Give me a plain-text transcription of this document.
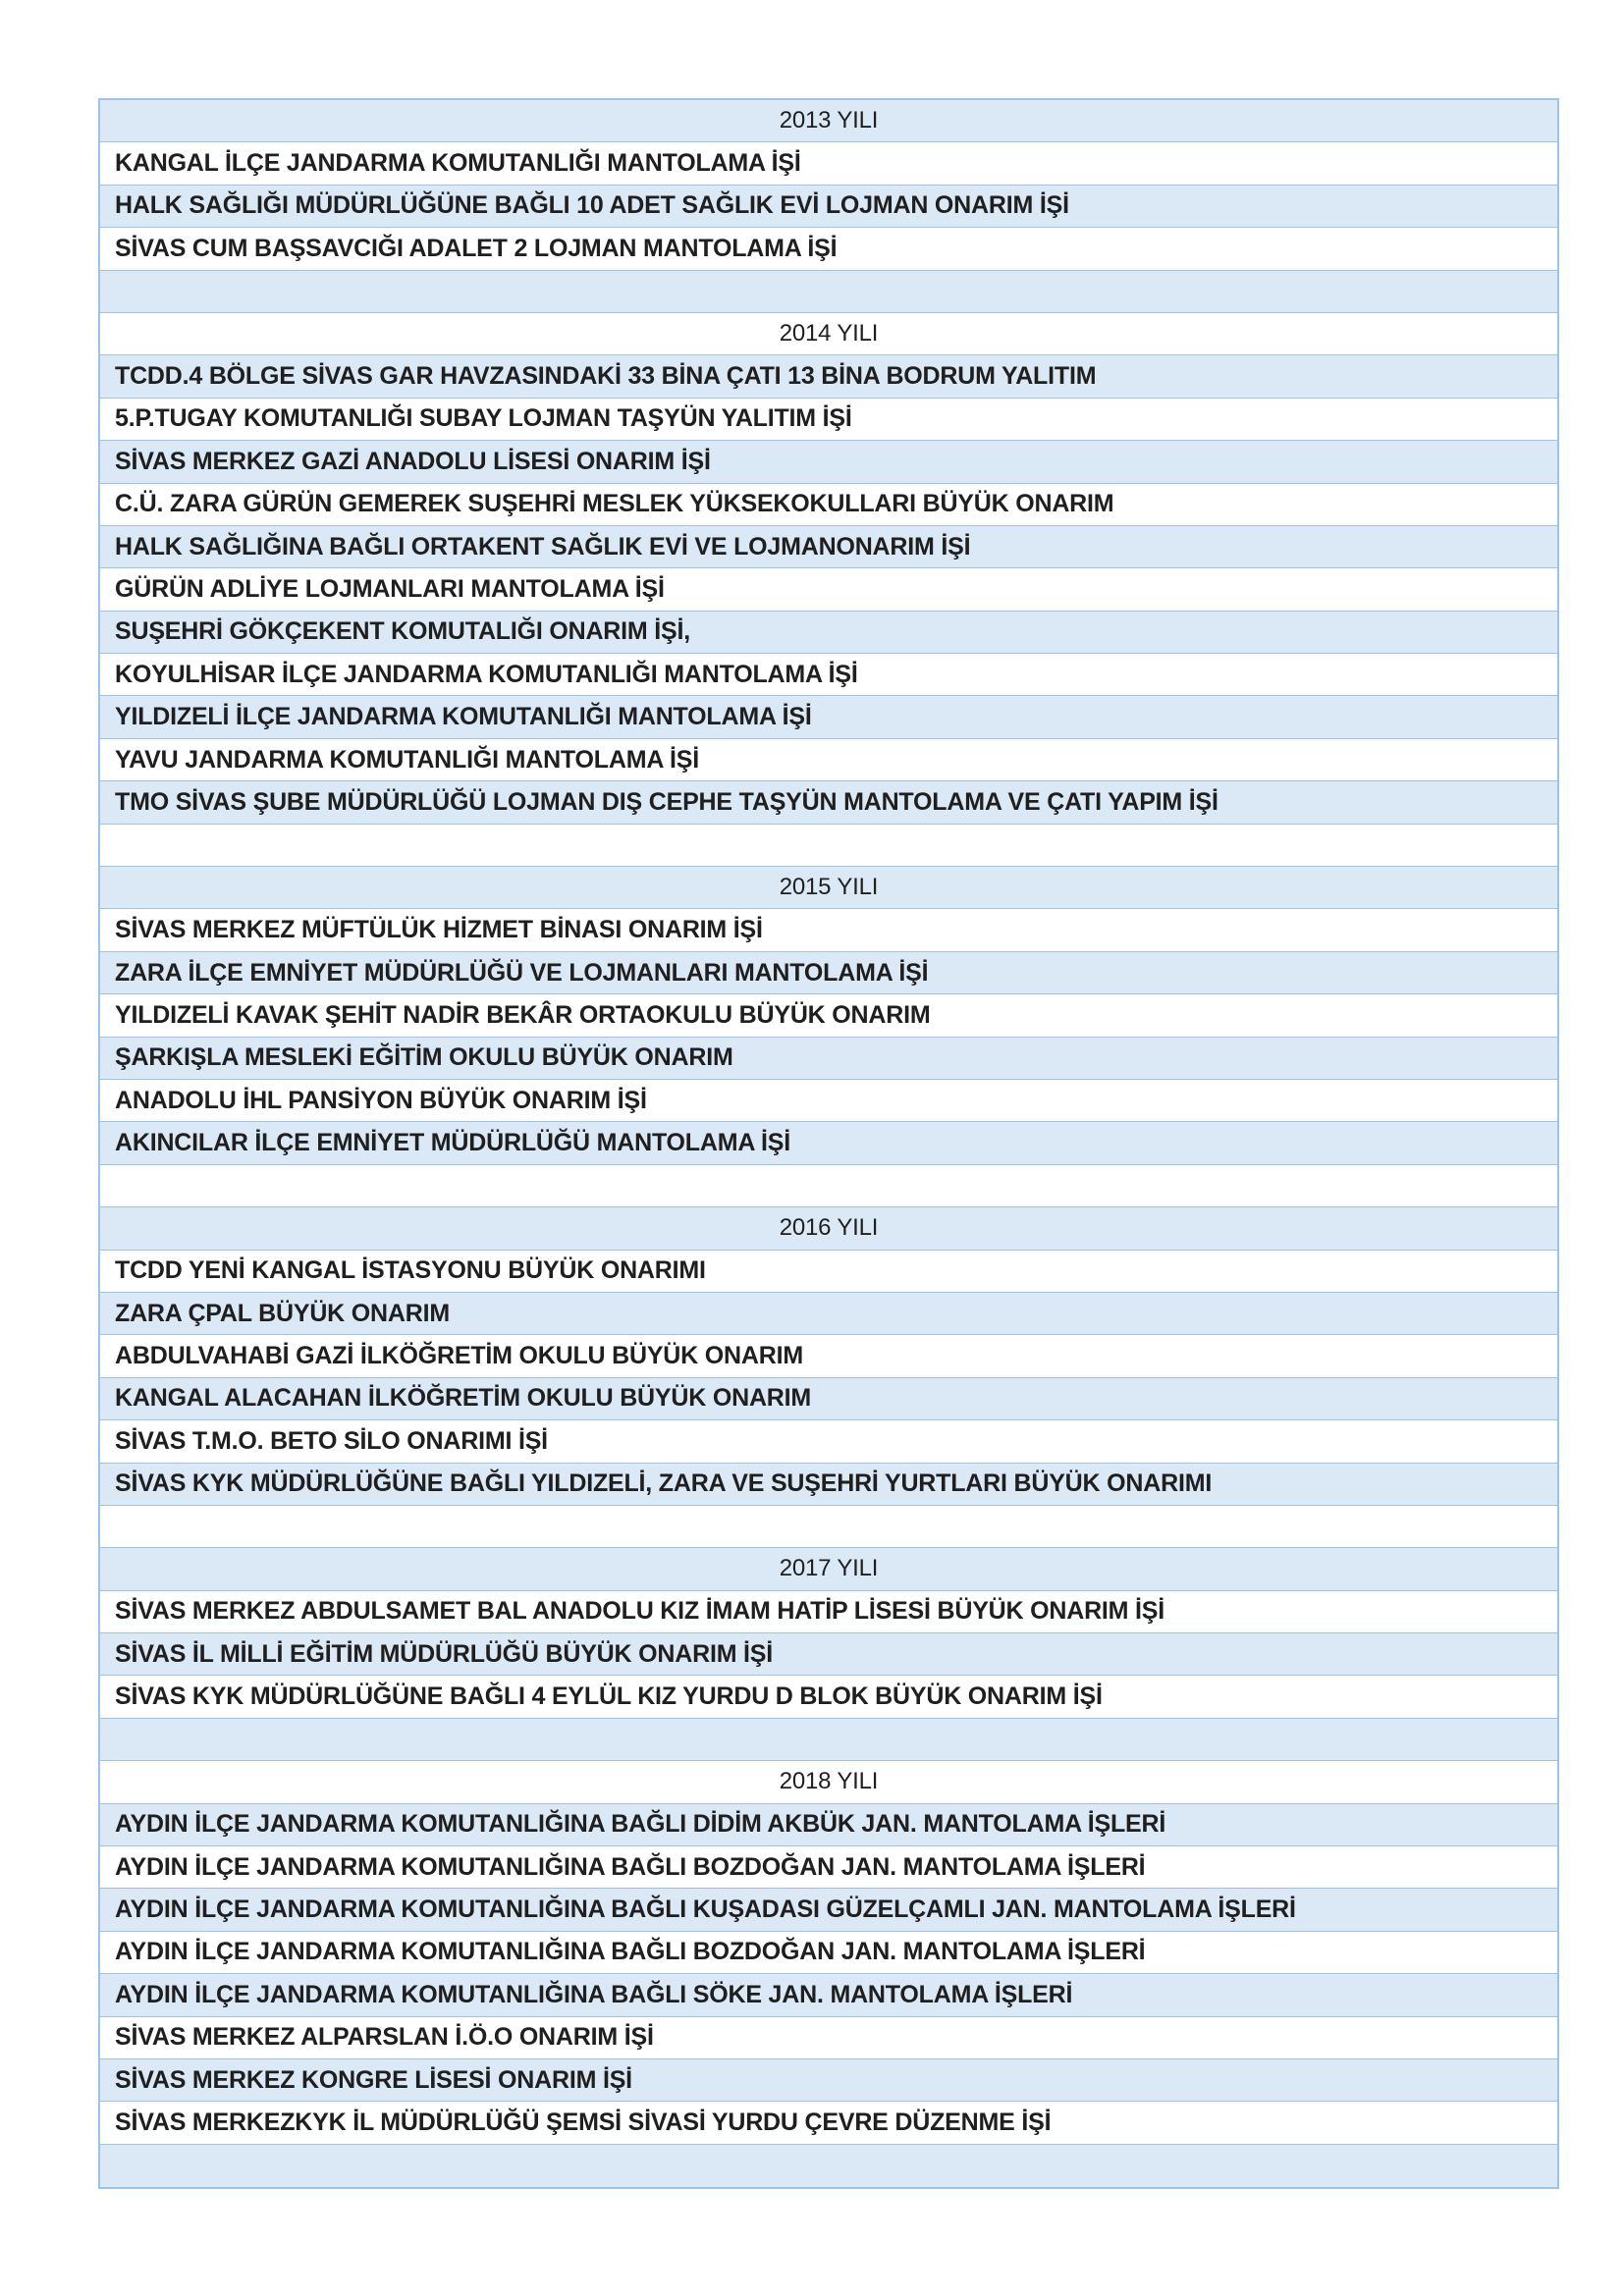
2013 YILI
KANGAL İLÇE JANDARMA KOMUTANLIĞI MANTOLAMA İŞİ
HALK SAĞLIĞI MÜDÜRLÜĞÜNE BAĞLI 10 ADET SAĞLIK EVİ LOJMAN ONARIM İŞİ
SİVAS CUM BAŞSAVCIĞI ADALET 2 LOJMAN MANTOLAMA İŞİ
2014 YILI
TCDD.4 BÖLGE SİVAS GAR HAVZASINDAKİ 33 BİNA ÇATI 13 BİNA BODRUM YALITIM
5.P.TUGAY KOMUTANLIĞI SUBAY LOJMAN TAŞYÜN YALITIM İŞİ
SİVAS MERKEZ GAZİ ANADOLU LİSESİ ONARIM İŞİ
C.Ü. ZARA GÜRÜN GEMEREK SUŞEHRİ MESLEK YÜKSEKOKULLARI BÜYÜK ONARIM
HALK SAĞLIĞINA BAĞLI ORTAKENT SAĞLIK EVİ VE LOJMANONARIM İŞİ
GÜRÜN ADLİYE LOJMANLARI MANTOLAMA İŞİ
SUŞEHRİ GÖKÇEKENT KOMUTALIĞI ONARIM İŞİ,
KOYULHİSAR İLÇE JANDARMA KOMUTANLIĞI MANTOLAMA İŞİ
YILDIZELİ İLÇE JANDARMA KOMUTANLIĞI MANTOLAMA İŞİ
YAVU JANDARMA KOMUTANLIĞI MANTOLAMA İŞİ
TMO SİVAS ŞUBE MÜDÜRLÜĞÜ LOJMAN DIŞ CEPHE TAŞYÜN MANTOLAMA VE ÇATI YAPIM İŞİ
2015 YILI
SİVAS MERKEZ MÜFTÜLÜK HİZMET BİNASI ONARIM İŞİ
ZARA İLÇE EMNİYET MÜDÜRLÜĞÜ VE LOJMANLARI MANTOLAMA İŞİ
YILDIZELİ KAVAK ŞEHİT NADİR BEKÂR ORTAOKULU BÜYÜK ONARIM
ŞARKIŞLA MESLEKİ EĞİTİM OKULU BÜYÜK ONARIM
ANADOLU İHL PANSİYON BÜYÜK ONARIM İŞİ
AKINCILAR İLÇE EMNİYET MÜDÜRLÜĞÜ MANTOLAMA İŞİ
2016 YILI
TCDD YENİ KANGAL İSTASYONU BÜYÜK ONARIMI
ZARA ÇPAL BÜYÜK ONARIM
ABDULVAHABİ GAZİ İLKÖĞRETİM OKULU BÜYÜK ONARIM
KANGAL ALACAHAN İLKÖĞRETİM OKULU BÜYÜK ONARIM
SİVAS T.M.O. BETO SİLO ONARIMI İŞİ
SİVAS KYK MÜDÜRLÜĞÜNE BAĞLI YILDIZELİ, ZARA VE SUŞEHRİ YURTLARI BÜYÜK ONARIMI
2017 YILI
SİVAS MERKEZ ABDULSAMET BAL ANADOLU KIZ İMAM HATİP LİSESİ BÜYÜK ONARIM İŞİ
SİVAS İL MİLLİ EĞİTİM MÜDÜRLÜĞÜ BÜYÜK ONARIM İŞİ
SİVAS KYK MÜDÜRLÜĞÜNE BAĞLI 4 EYLÜL KIZ YURDU D BLOK BÜYÜK ONARIM İŞİ
2018 YILI
AYDIN İLÇE JANDARMA KOMUTANLIĞINA BAĞLI DİDİM AKBÜK JAN. MANTOLAMA İŞLERİ
AYDIN İLÇE JANDARMA KOMUTANLIĞINA BAĞLI BOZDOĞAN JAN. MANTOLAMA İŞLERİ
AYDIN İLÇE JANDARMA KOMUTANLIĞINA BAĞLI KUŞADASI GÜZELÇAMLI JAN. MANTOLAMA İŞLERİ
AYDIN İLÇE JANDARMA KOMUTANLIĞINA BAĞLI BOZDOĞAN JAN. MANTOLAMA İŞLERİ
AYDIN İLÇE JANDARMA KOMUTANLIĞINA BAĞLI SÖKE JAN. MANTOLAMA İŞLERİ
SİVAS MERKEZ ALPARSLAN İ.Ö.O ONARIM İŞİ
SİVAS MERKEZ KONGRE LİSESİ ONARIM İŞİ
SİVAS MERKEZKYK İL MÜDÜRLÜĞÜ ŞEMSİ SİVASİ YURDU ÇEVRE DÜZENME İŞİ
